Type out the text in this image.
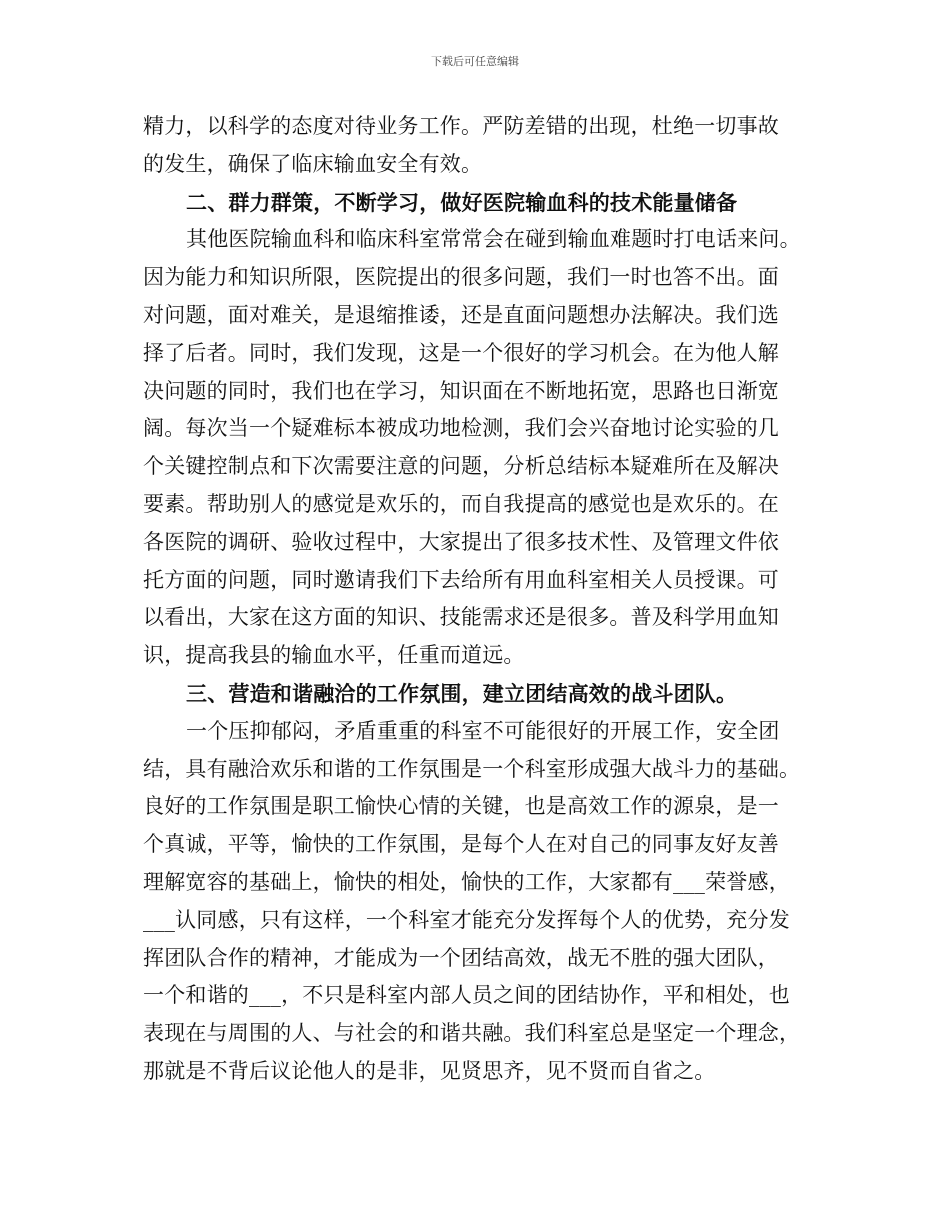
下载后可任意编辑
精力，以科学的态度对待业务工作。严防差错的出现，杜绝一切事故
的发生，确保了临床输血安全有效。
二、群力群策，不断学习，做好医院输血科的技术能量储备
其他医院输血科和临床科室常常会在碰到输血难题时打电话来问。
因为能力和知识所限，医院提出的很多问题，我们一时也答不出。面
对问题，面对难关，是退缩推诿，还是直面问题想办法解决。我们选
择了后者。同时，我们发现，这是一个很好的学习机会。在为他人解
决问题的同时，我们也在学习，知识面在不断地拓宽，思路也日渐宽
阔。每次当一个疑难标本被成功地检测，我们会兴奋地讨论实验的几
个关键控制点和下次需要注意的问题，分析总结标本疑难所在及解决
要素。帮助别人的感觉是欢乐的，而自我提高的感觉也是欢乐的。在
各医院的调研、验收过程中，大家提出了很多技术性、及管理文件依
托方面的问题，同时邀请我们下去给所有用血科室相关人员授课。可
以看出，大家在这方面的知识、技能需求还是很多。普及科学用血知
识，提高我县的输血水平，任重而道远。
三、营造和谐融洽的工作氛围，建立团结高效的战斗团队。
一个压抑郁闷，矛盾重重的科室不可能很好的开展工作，安全团
结，具有融洽欢乐和谐的工作氛围是一个科室形成强大战斗力的基础。
良好的工作氛围是职工愉快心情的关键，也是高效工作的源泉，是一
个真诚，平等，愉快的工作氛围，是每个人在对自己的同事友好友善
理解宽容的基础上，愉快的相处，愉快的工作，大家都有___荣誉感，
___认同感，只有这样，一个科室才能充分发挥每个人的优势，充分发
挥团队合作的精神，才能成为一个团结高效，战无不胜的强大团队，
一个和谐的___，不只是科室内部人员之间的团结协作，平和相处，也
表现在与周围的人、与社会的和谐共融。我们科室总是坚定一个理念，
那就是不背后议论他人的是非，见贤思齐，见不贤而自省之。
